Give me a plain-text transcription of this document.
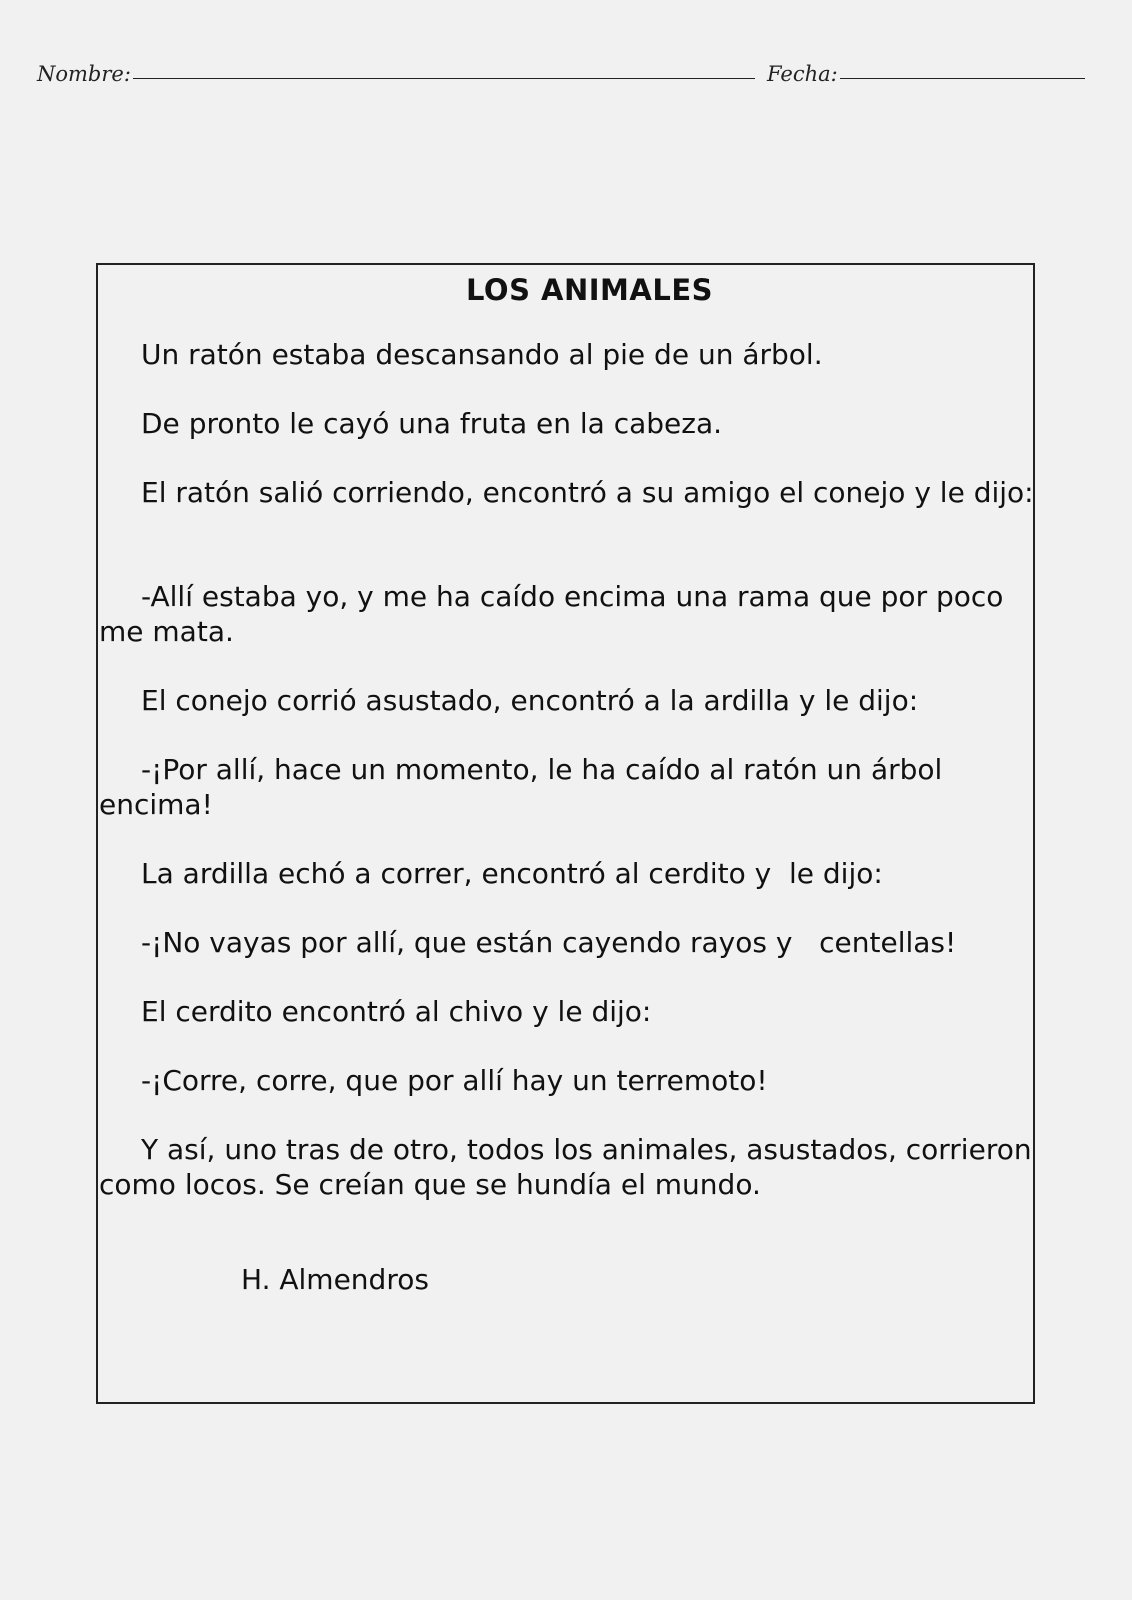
Nombre:	Fecha:
LOS ANIMALES

Un ratón estaba descansando al pie de un árbol.

De pronto le cayó una fruta en la cabeza.

El ratón salió corriendo, encontró a su amigo el conejo y le dijo:

-Allí estaba yo, y me ha caído encima una rama que por poco me mata.

El conejo corrió asustado, encontró a la ardilla y le dijo:

-¡Por allí, hace un momento, le ha caído al ratón un árbol encima!

La ardilla echó a correr, encontró al cerdito y  le dijo:

-¡No vayas por allí, que están cayendo rayos y   centellas!

El cerdito encontró al chivo y le dijo:

-¡Corre, corre, que por allí hay un terremoto!

Y así, uno tras de otro, todos los animales, asustados, corrieron como locos. Se creían que se hundía el mundo.

H. Almendros
